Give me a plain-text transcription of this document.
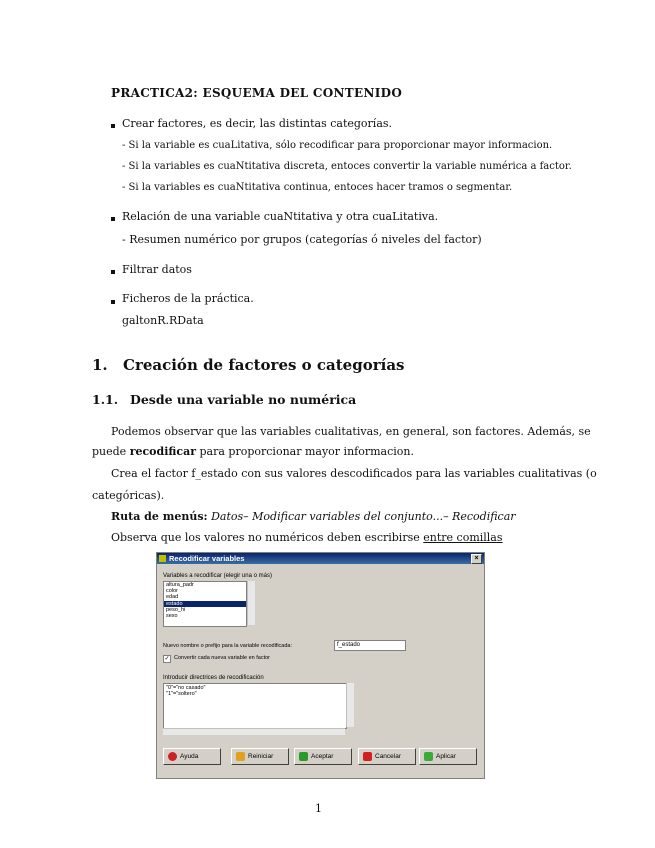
PRACTICA2: ESQUEMA DEL CONTENIDO
Crear factores, es decir, las distintas categorías.
- Si la variable es cuaLitativa, sólo recodificar para proporcionar mayor informacion.
- Si la variables es cuaNtitativa discreta, entoces convertir la variable numérica a factor.
- Si la variables es cuaNtitativa continua, entoces hacer tramos o segmentar.
Relación de una variable cuaNtitativa y otra cuaLitativa.
- Resumen numérico por grupos (categorías ó niveles del factor)
Filtrar datos
Ficheros de la práctica.
galtonR.RData
1. Creación de factores o categorías
1.1. Desde una variable no numérica
Podemos observar que las variables cualitativas, en general, son factores. Además, se
puede recodificar para proporcionar mayor informacion.
Crea el factor f_estado con sus valores descodificados para las variables cualitativas (o
categóricas).
Ruta de menús: Datos– Modificar variables del conjunto...– Recodificar
Observa que los valores no numéricos deben escribirse entre comillas
Recodificar variables	×
Variables a recodificar (elegir una o más)
altura_padr
color
edad
estado
peso_hi
sexo
Nuevo nombre o prefijo para la variable recodificada:	f_estado
✓ Convertir cada nueva variable en factor
Introducir directrices de recodificación
"0"="no casado"
"1"="soltero"
Ayuda	Reiniciar	Aceptar	Cancelar	Aplicar
1
